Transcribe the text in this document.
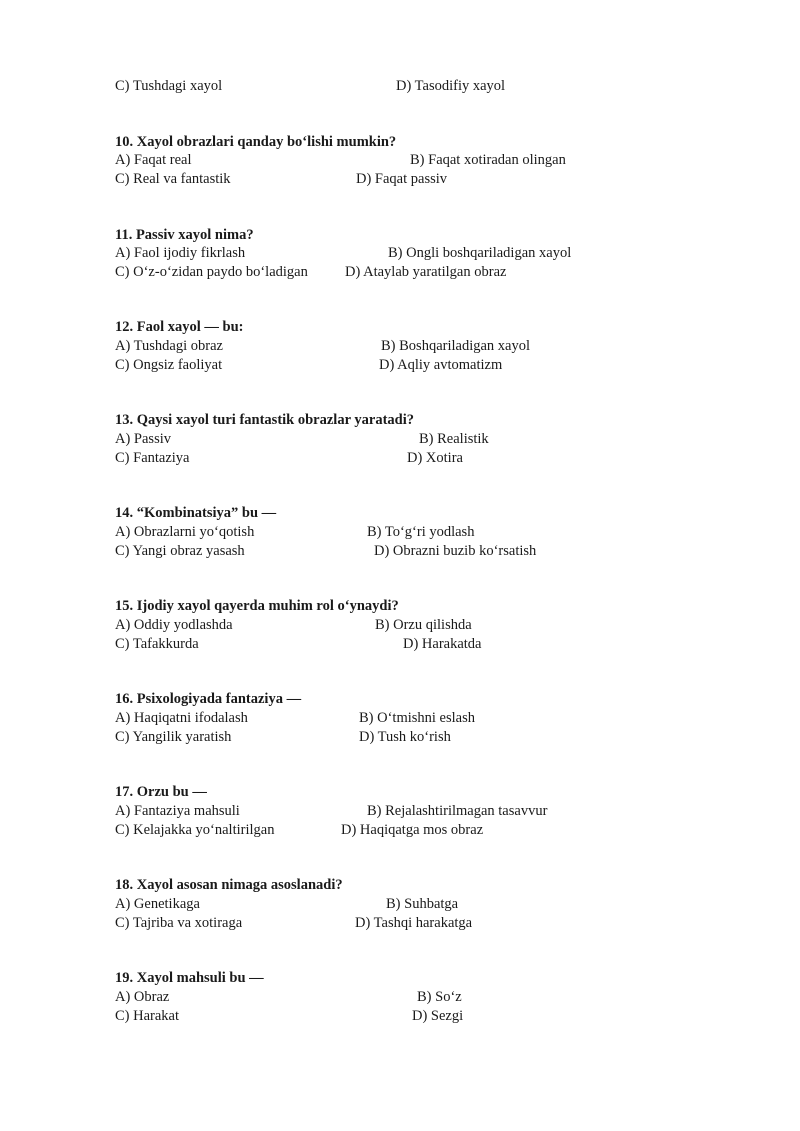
C) Tushdagi xayol	D) Tasodifiy xayol
10. Xayol obrazlari qanday bo‘lishi mumkin?
A) Faqat real	B) Faqat xotiradan olingan
C) Real va fantastik	D) Faqat passiv
11. Passiv xayol nima?
A) Faol ijodiy fikrlash	B) Ongli boshqariladigan xayol
C) O‘z-o‘zidan paydo bo‘ladigan	D) Ataylab yaratilgan obraz
12. Faol xayol — bu:
A) Tushdagi obraz	B) Boshqariladigan xayol
C) Ongsiz faoliyat	D) Aqliy avtomatizm
13. Qaysi xayol turi fantastik obrazlar yaratadi?
A) Passiv	B) Realistik
C) Fantaziya	D) Xotira
14. “Kombinatsiya” bu —
A) Obrazlarni yo‘qotish	B) To‘g‘ri yodlash
C) Yangi obraz yasash	D) Obrazni buzib ko‘rsatish
15. Ijodiy xayol qayerda muhim rol o‘ynaydi?
A) Oddiy yodlashda	B) Orzu qilishda
C) Tafakkurda	D) Harakatda
16. Psixologiyada fantaziya —
A) Haqiqatni ifodalash	B) O‘tmishni eslash
C) Yangilik yaratish	D) Tush ko‘rish
17. Orzu bu —
A) Fantaziya mahsuli	B) Rejalashtirilmagan tasavvur
C) Kelajakka yo‘naltirilgan	D) Haqiqatga mos obraz
18. Xayol asosan nimaga asoslanadi?
A) Genetikaga	B) Suhbatga
C) Tajriba va xotiraga	D) Tashqi harakatga
19. Xayol mahsuli bu —
A) Obraz	B) So‘z
C) Harakat	D) Sezgi
